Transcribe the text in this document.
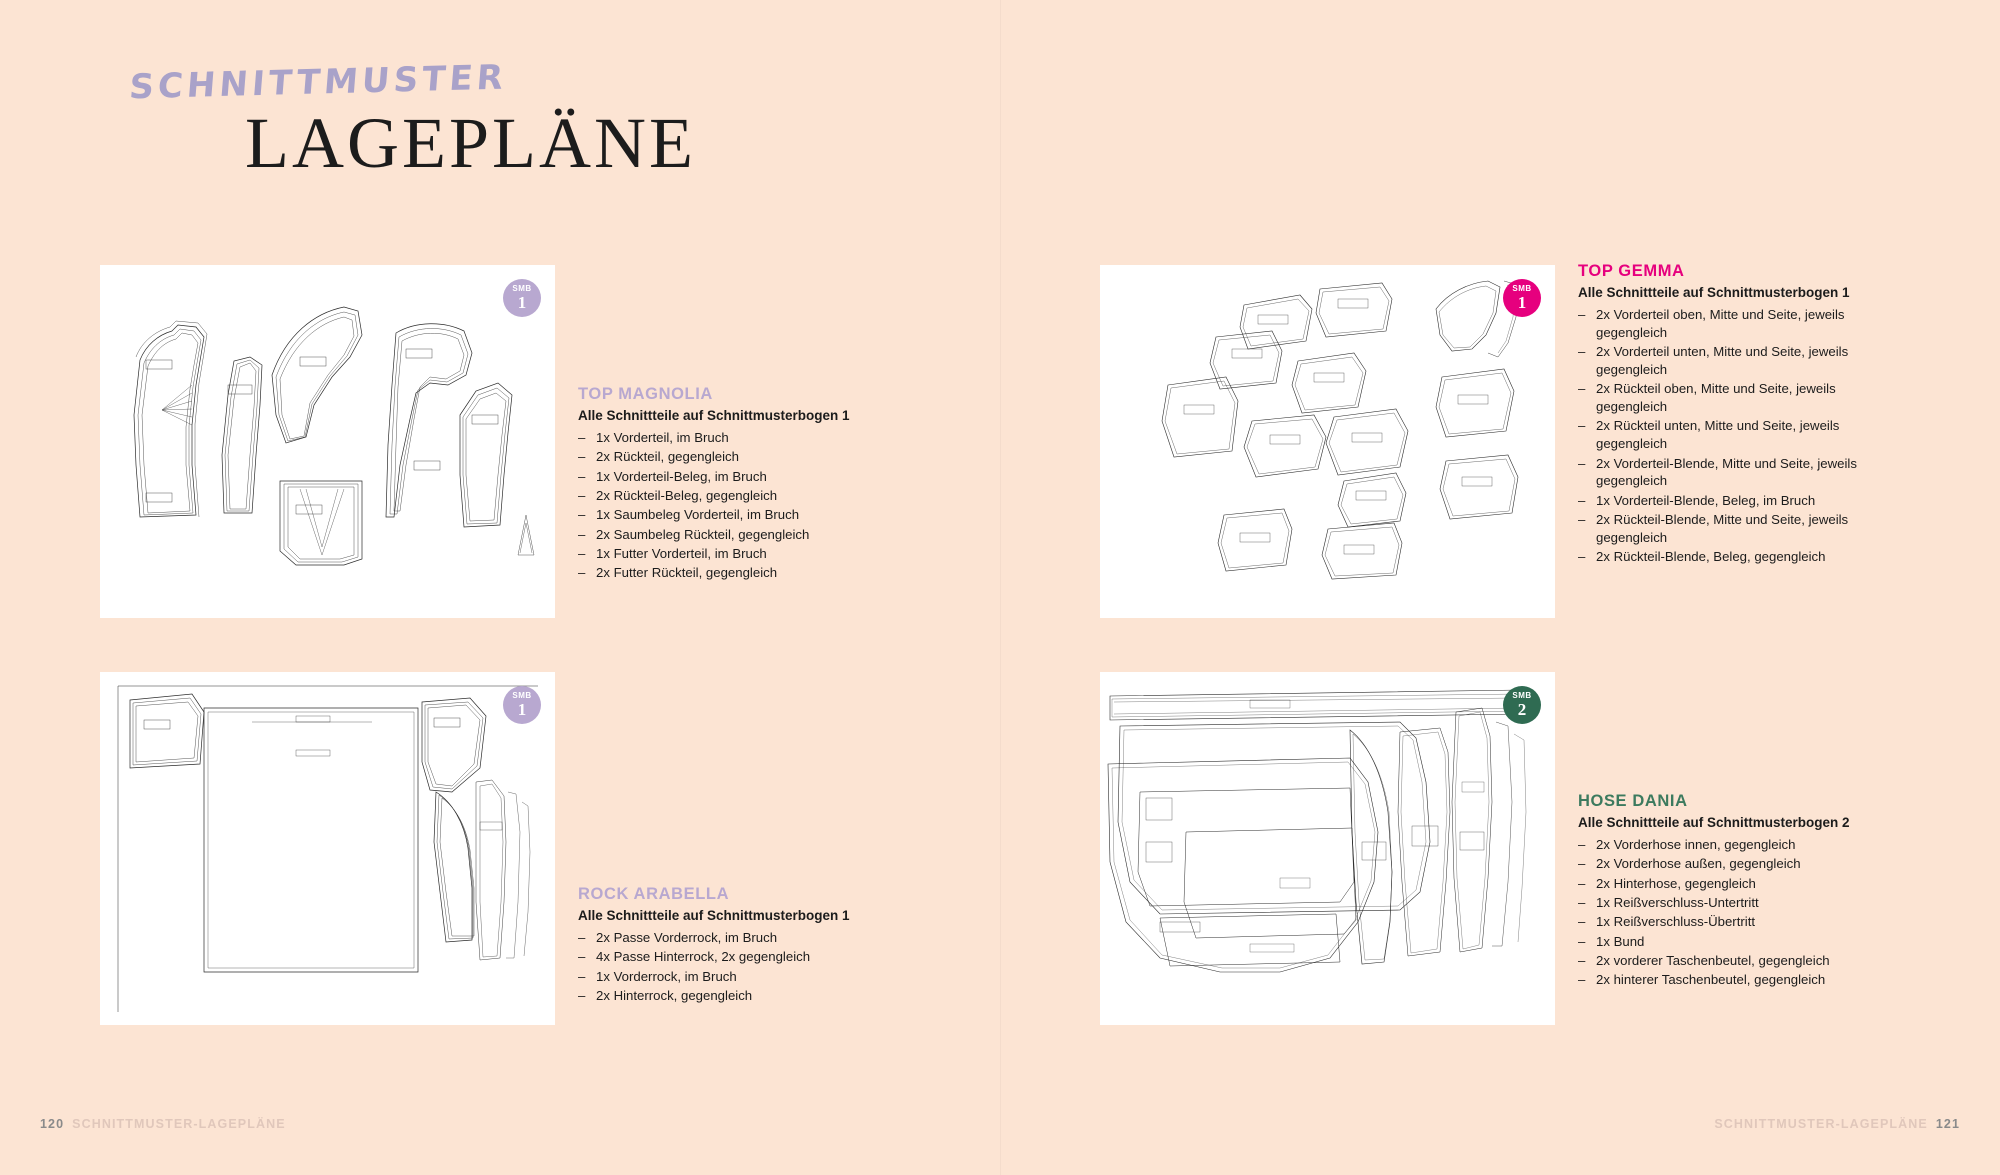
SCHNITTMUSTER
LAGEPLÄNE
SMB
1
SMB
1
SMB
1
SMB
2

TOP MAGNOLIA

Alle Schnittteile auf Schnittmusterbogen 1

– 1x Vorderteil, im Bruch
– 2x Rückteil, gegengleich
– 1x Vorderteil-Beleg, im Bruch
– 2x Rückteil-Beleg, gegengleich
– 1x Saumbeleg Vorderteil, im Bruch
– 2x Saumbeleg Rückteil, gegengleich
– 1x Futter Vorderteil, im Bruch
– 2x Futter Rückteil, gegengleich

ROCK ARABELLA

Alle Schnittteile auf Schnittmusterbogen 1

– 2x Passe Vorderrock, im Bruch
– 4x Passe Hinterrock, 2x gegengleich
– 1x Vorderrock, im Bruch
– 2x Hinterrock, gegengleich

TOP GEMMA

Alle Schnittteile auf Schnittmusterbogen 1

– 2x Vorderteil oben, Mitte und Seite, jeweils gegengleich
– 2x Vorderteil unten, Mitte und Seite, jeweils gegengleich
– 2x Rückteil oben, Mitte und Seite, jeweils gegengleich
– 2x Rückteil unten, Mitte und Seite, jeweils gegengleich
– 2x Vorderteil-Blende, Mitte und Seite, jeweils gegengleich
– 1x Vorderteil-Blende, Beleg, im Bruch
– 2x Rückteil-Blende, Mitte und Seite, jeweils gegengleich
– 2x Rückteil-Blende, Beleg, gegengleich

HOSE DANIA

Alle Schnittteile auf Schnittmusterbogen 2

– 2x Vorderhose innen, gegengleich
– 2x Vorderhose außen, gegengleich
– 2x Hinterhose, gegengleich
– 1x Reißverschluss-Untertritt
– 1x Reißverschluss-Übertritt
– 1x Bund
– 2x vorderer Taschenbeutel, gegengleich
– 2x hinterer Taschenbeutel, gegengleich
120 SCHNITTMUSTER-LAGEPLÄNE	SCHNITTMUSTER-LAGEPLÄNE 121
